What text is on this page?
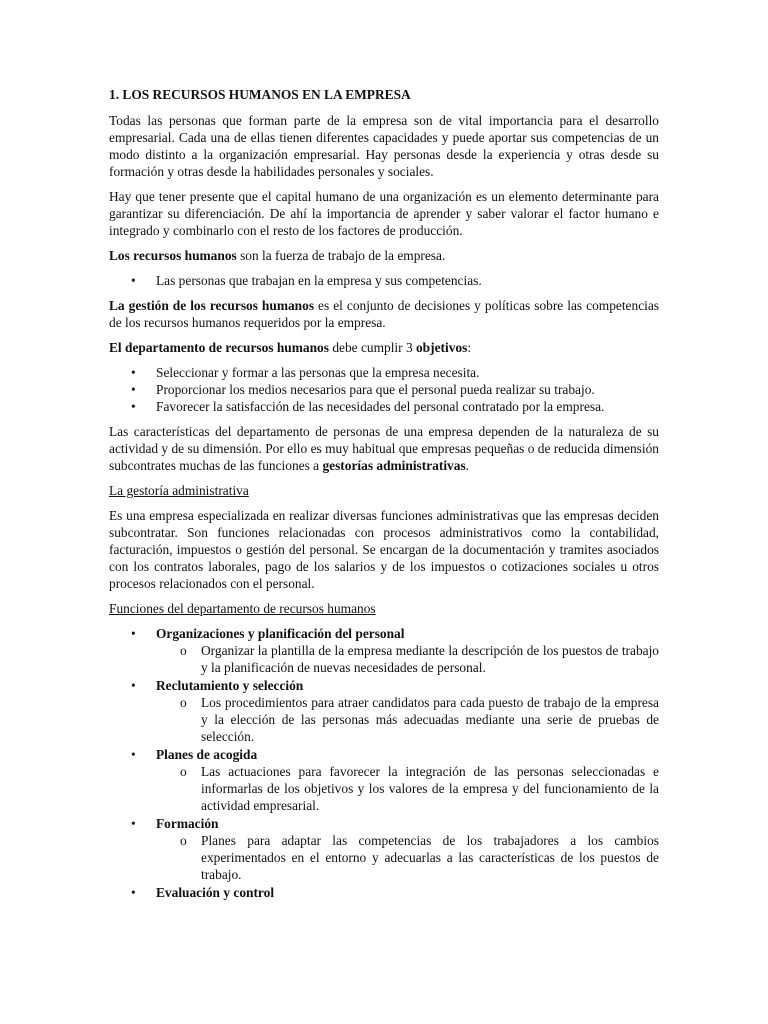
1. LOS RECURSOS HUMANOS EN LA EMPRESA

Todas las personas que forman parte de la empresa son de vital importancia para el desarrollo empresarial. Cada una de ellas tienen diferentes capacidades y puede aportar sus competencias de un modo distinto a la organización empresarial. Hay personas desde la experiencia y otras desde su formación y otras desde la habilidades personales y sociales.

Hay que tener presente que el capital humano de una organización es un elemento determinante para garantizar su diferenciación. De ahí la importancia de aprender y saber valorar el factor humano e integrado y combinarlo con el resto de los factores de producción.

Los recursos humanos son la fuerza de trabajo de la empresa.

• Las personas que trabajan en la empresa y sus competencias.

La gestión de los recursos humanos es el conjunto de decisiones y políticas sobre las competencias de los recursos humanos requeridos por la empresa.

El departamento de recursos humanos debe cumplir 3 objetivos:

• Seleccionar y formar a las personas que la empresa necesita.
• Proporcionar los medios necesarios para que el personal pueda realizar su trabajo.
• Favorecer la satisfacción de las necesidades del personal contratado por la empresa.

Las características del departamento de personas de una empresa dependen de la naturaleza de su actividad y de su dimensión. Por ello es muy habitual que empresas pequeñas o de reducida dimensión subcontrates muchas de las funciones a gestorías administrativas.

La gestoría administrativa

Es una empresa especializada en realizar diversas funciones administrativas que las empresas deciden subcontratar. Son funciones relacionadas con procesos administrativos como la contabilidad, facturación, impuestos o gestión del personal. Se encargan de la documentación y tramites asociados con los contratos laborales, pago de los salarios y de los impuestos o cotizaciones sociales u otros procesos relacionados con el personal.

Funciones del departamento de recursos humanos
• Organizaciones y planificación del personal
o Organizar la plantilla de la empresa mediante la descripción de los puestos de trabajo y la planificación de nuevas necesidades de personal.
• Reclutamiento y selección
o Los procedimientos para atraer candidatos para cada puesto de trabajo de la empresa y la elección de las personas más adecuadas mediante una serie de pruebas de selección.
• Planes de acogida
o Las actuaciones para favorecer la integración de las personas seleccionadas e informarlas de los objetivos y los valores de la empresa y del funcionamiento de la actividad empresarial.
• Formación
o Planes para adaptar las competencias de los trabajadores a los cambios experimentados en el entorno y adecuarlas a las características de los puestos de trabajo.
• Evaluación y control
